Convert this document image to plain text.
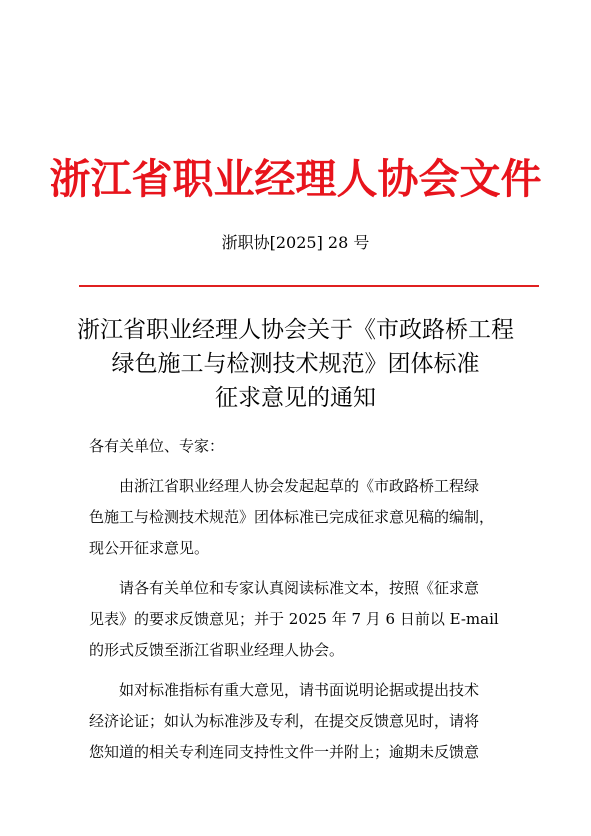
浙江省职业经理人协会文件
浙职协[2025] 28 号
浙江省职业经理人协会关于《市政路桥工程
绿色施工与检测技术规范》团体标准
征求意见的通知
各有关单位、专家：
由浙江省职业经理人协会发起起草的《市政路桥工程绿
色施工与检测技术规范》团体标准已完成征求意见稿的编制，
现公开征求意见。
请各有关单位和专家认真阅读标准文本，按照《征求意
见表》的要求反馈意见；并于 2025 年 7 月 6 日前以 E-mail
的形式反馈至浙江省职业经理人协会。
如对标准指标有重大意见，请书面说明论据或提出技术
经济论证；如认为标准涉及专利，在提交反馈意见时，请将
您知道的相关专利连同支持性文件一并附上；逾期未反馈意
